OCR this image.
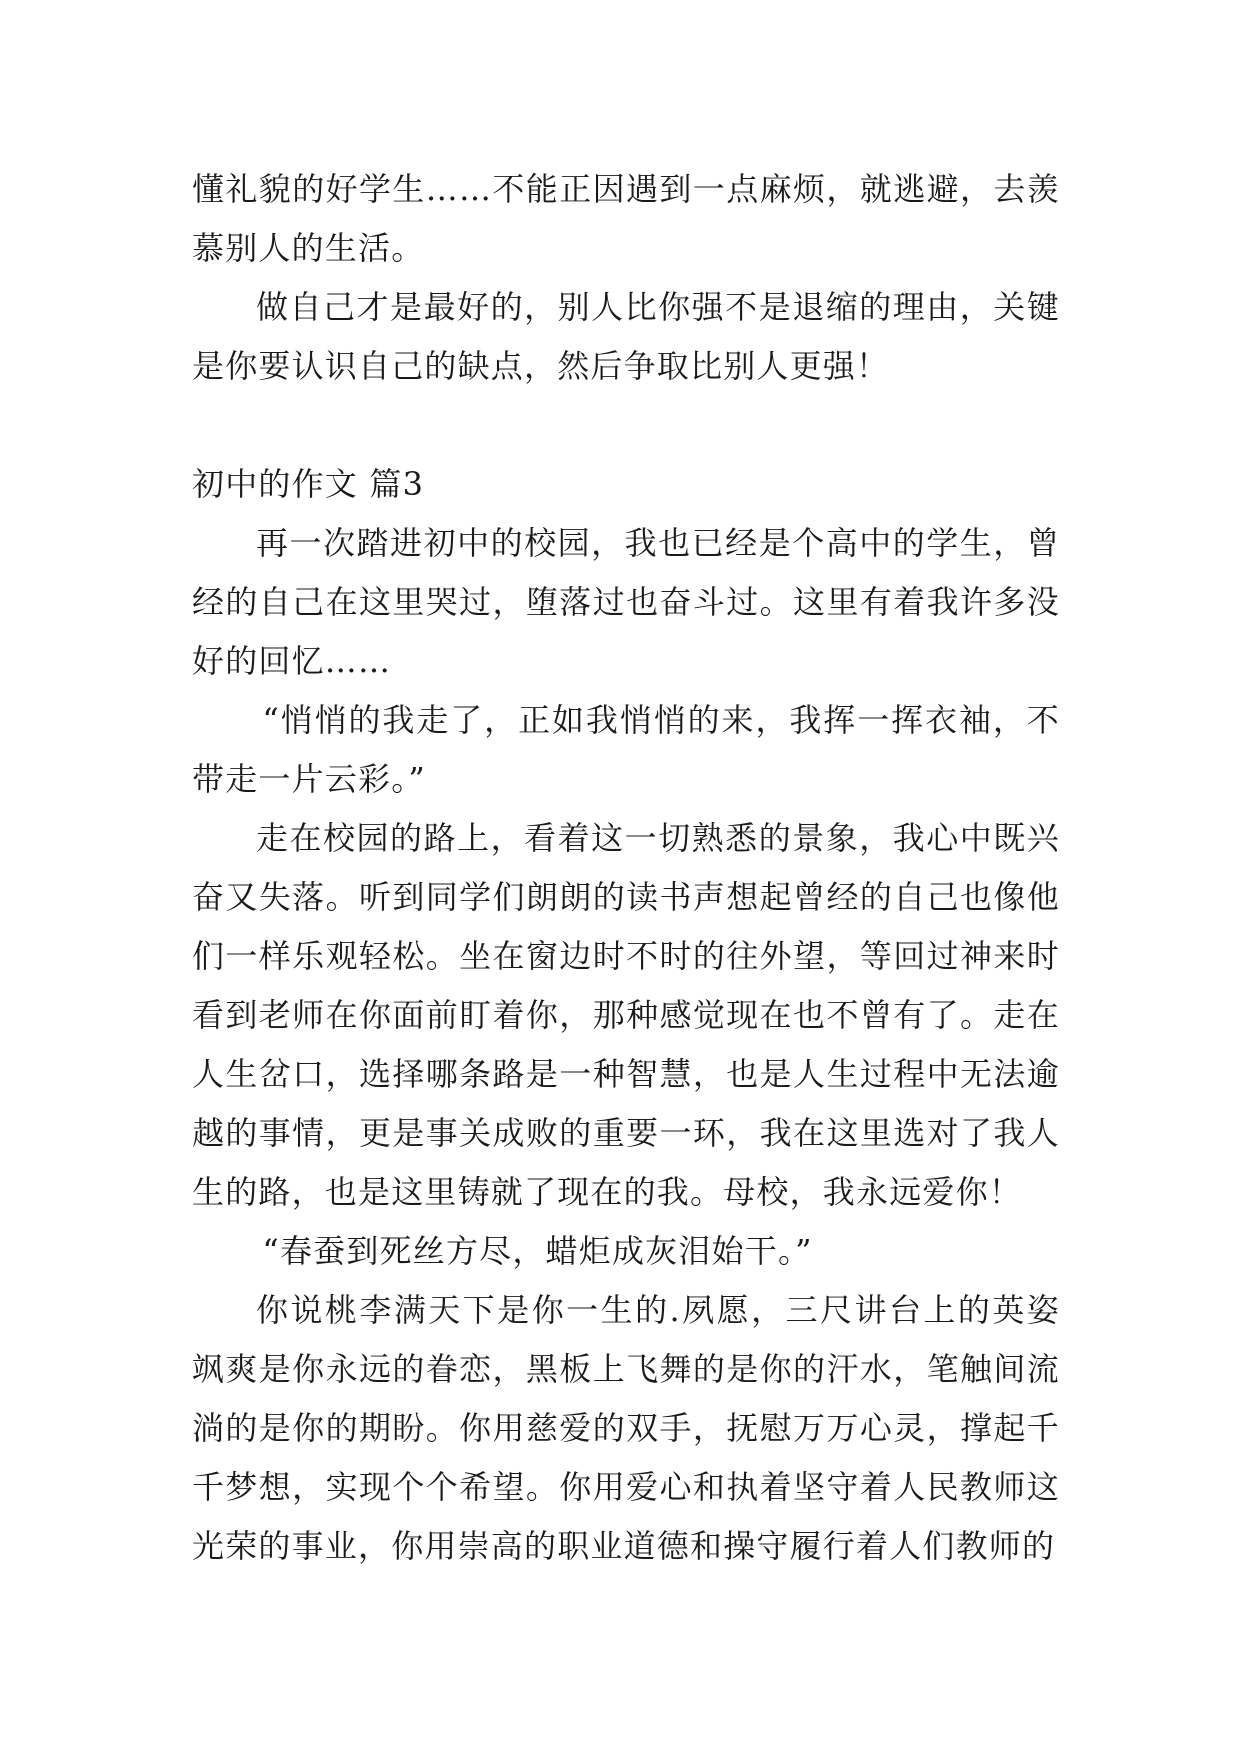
懂礼貌的好学生……不能正因遇到一点麻烦，就逃避，去羡慕别人的生活。

做自己才是最好的，别人比你强不是退缩的理由，关键是你要认识自己的缺点，然后争取比别人更强！

初中的作文 篇3

再一次踏进初中的校园，我也已经是个高中的学生，曾经的自己在这里哭过，堕落过也奋斗过。这里有着我许多没好的回忆……

“悄悄的我走了，正如我悄悄的来，我挥一挥衣袖，不带走一片云彩。”

走在校园的路上，看着这一切熟悉的景象，我心中既兴奋又失落。听到同学们朗朗的读书声想起曾经的自己也像他们一样乐观轻松。坐在窗边时不时的往外望，等回过神来时看到老师在你面前盯着你，那种感觉现在也不曾有了。走在人生岔口，选择哪条路是一种智慧，也是人生过程中无法逾越的事情，更是事关成败的重要一环，我在这里选对了我人生的路，也是这里铸就了现在的我。母校，我永远爱你！

“春蚕到死丝方尽，蜡炬成灰泪始干。”

你说桃李满天下是你一生的.夙愿，三尺讲台上的英姿飒爽是你永远的眷恋，黑板上飞舞的是你的汗水，笔触间流淌的是你的期盼。你用慈爱的双手，抚慰万万心灵，撑起千千梦想，实现个个希望。你用爱心和执着坚守着人民教师这光荣的事业，你用崇高的职业道德和操守履行着人们教师的
